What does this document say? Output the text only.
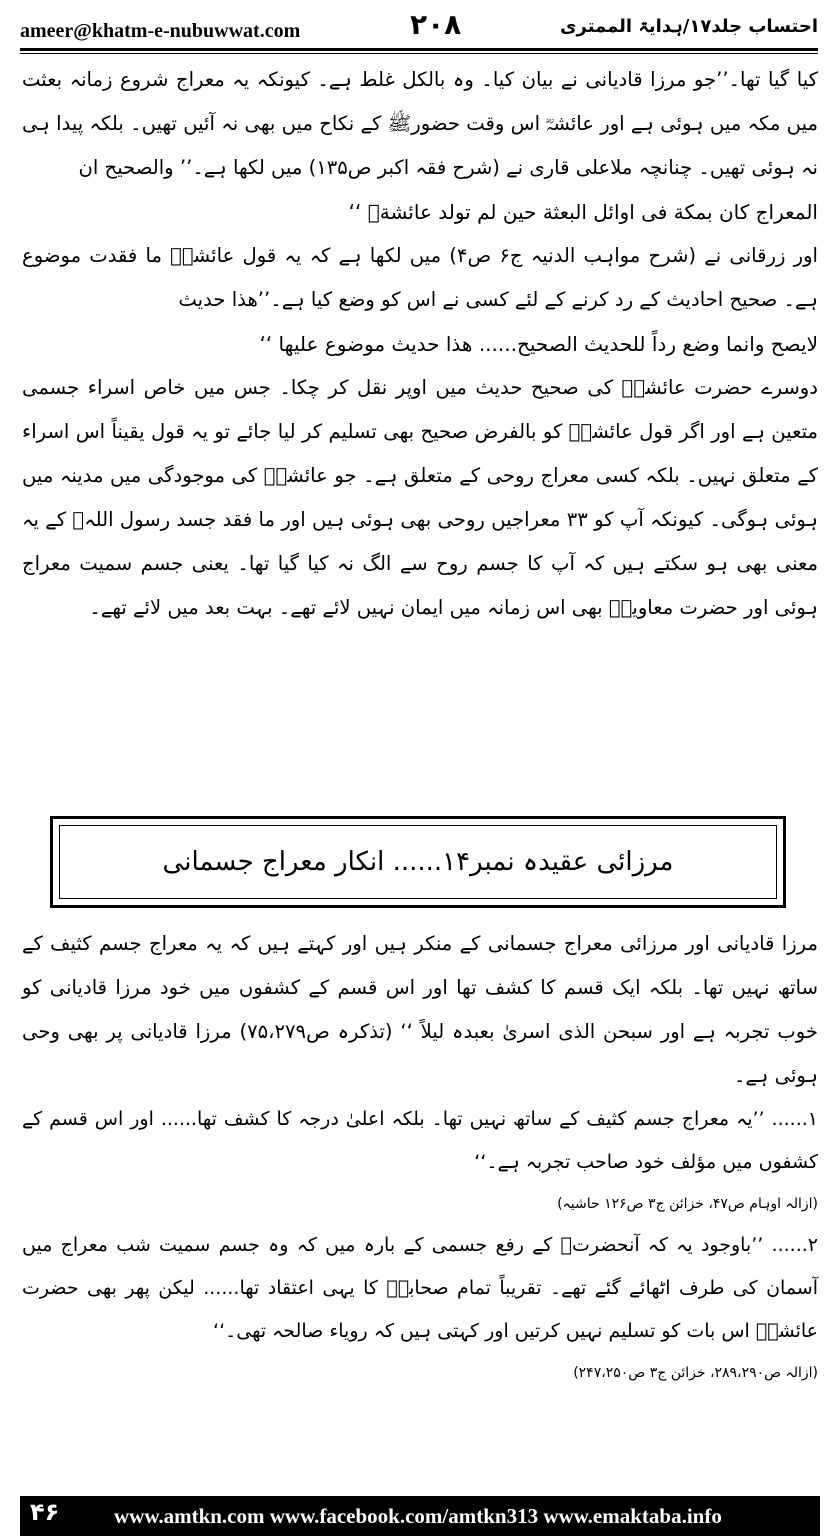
ameer@khatm-e-nubuwwat.com	۲۰۸	احتساب جلد۱۷/ہدایۃ الممتری

کیا گیا تھا۔’’جو مرزا قادیانی نے بیان کیا۔ وہ بالکل غلط ہے۔ کیونکہ یہ معراج شروع زمانہ بعثت میں مکہ میں ہوئی ہے اور عائشہؓ اس وقت حضورﷺ کے نکاح میں بھی نہ آئیں تھیں۔ بلکہ پیدا ہی نہ ہوئی تھیں۔ چنانچہ ملاعلی قاری نے (شرح فقہ اکبر ص۱۳۵) میں لکھا ہے۔’’ والصحیح ان

المعراج کان بمکة فی اوائل البعثة حین لم تولد عائشةؓ ‘‘

اور زرقانی نے (شرح مواہب الدنیہ ج۶ ص۴) میں لکھا ہے کہ یہ قول عائشہؓ ما فقدت موضوع ہے۔ صحیح احادیث کے رد کرنے کے لئے کسی نے اس کو وضع کیا ہے۔’’ھذا حدیث

لایصح وانما وضع رداً للحدیث الصحیح...... ھذا حدیث موضوع علیھا ‘‘

دوسرے حضرت عائشہؓ کی صحیح حدیث میں اوپر نقل کر چکا۔ جس میں خاص اسراء جسمی متعین ہے اور اگر قول عائشہؓ کو بالفرض صحیح بھی تسلیم کر لیا جائے تو یہ قول یقیناً اس اسراء کے متعلق نہیں۔ بلکہ کسی معراج روحی کے متعلق ہے۔ جو عائشہؓ کی موجودگی میں مدینہ میں ہوئی ہوگی۔ کیونکہ آپ کو ۳۳ معراجیں روحی بھی ہوئی ہیں اور ما فقد جسد رسول اللہﷺ کے یہ معنی بھی ہو سکتے ہیں کہ آپ کا جسم روح سے الگ نہ کیا گیا تھا۔ یعنی جسم سمیت معراج ہوئی اور حضرت معاویہؓ بھی اس زمانہ میں ایمان نہیں لائے تھے۔ بہت بعد میں لائے تھے۔

مرزائی عقیدہ نمبر۱۴...... انکار معراج جسمانی

مرزا قادیانی اور مرزائی معراج جسمانی کے منکر ہیں اور کہتے ہیں کہ یہ معراج جسم کثیف کے ساتھ نہیں تھا۔ بلکہ ایک قسم کا کشف تھا اور اس قسم کے کشفوں میں خود مرزا قادیانی کو خوب تجربہ ہے اور سبحن الذی اسریٰ بعبدہ لیلاً ‘‘ (تذکرہ ص۷۵،۲۷۹) مرزا قادیانی پر بھی وحی ہوئی ہے۔

۱...... ’’یہ معراج جسم کثیف کے ساتھ نہیں تھا۔ بلکہ اعلیٰ درجہ کا کشف تھا...... اور اس قسم کے کشفوں میں مؤلف خود صاحب تجربہ ہے۔‘‘

(ازالہ اوہام ص۴۷، خزائن ج۳ ص۱۲۶ حاشیہ)

۲...... ’’باوجود یہ کہ آنحضرتﷺ کے رفع جسمی کے بارہ میں کہ وہ جسم سمیت شب معراج میں آسمان کی طرف اٹھائے گئے تھے۔ تقریباً تمام صحابہؓ کا یہی اعتقاد تھا...... لیکن پھر بھی حضرت عائشہؓ اس بات کو تسلیم نہیں کرتیں اور کہتی ہیں کہ رویاء صالحہ تھی۔‘‘

(ازالہ ص۲۸۹،۲۹۰، خزائن ج۳ ص۲۴۷،۲۵۰)

۴۶	www.amtkn.com www.facebook.com/amtkn313 www.emaktaba.info
